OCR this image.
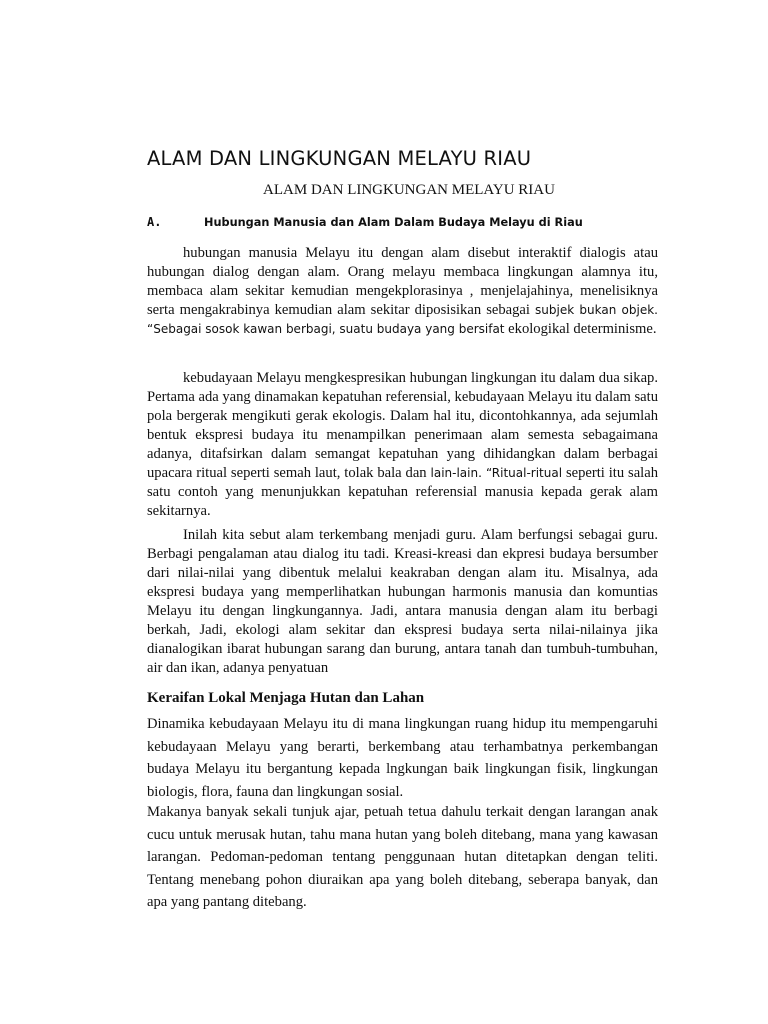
ALAM DAN LINGKUNGAN MELAYU RIAU
ALAM DAN LINGKUNGAN MELAYU RIAU
A.	Hubungan Manusia dan Alam Dalam Budaya Melayu di Riau
hubungan manusia Melayu itu dengan alam disebut interaktif dialogis atau hubungan dialog dengan alam. Orang melayu membaca lingkungan alamnya itu, membaca alam sekitar kemudian mengekplorasinya , menjelajahinya, menelisiknya serta mengakrabinya kemudian alam sekitar diposisikan sebagai subjek bukan objek. “Sebagai sosok kawan berbagi, suatu budaya yang bersifat ekologikal determinisme.
kebudayaan Melayu mengkespresikan hubungan lingkungan itu dalam dua sikap. Pertama ada yang dinamakan kepatuhan referensial, kebudayaan Melayu itu dalam satu pola bergerak mengikuti gerak ekologis. Dalam hal itu, dicontohkannya, ada sejumlah bentuk ekspresi budaya itu menampilkan penerimaan alam semesta sebagaimana adanya, ditafsirkan dalam semangat kepatuhan yang dihidangkan dalam berbagai upacara ritual seperti semah laut, tolak bala dan lain-lain. “Ritual-ritual seperti itu salah satu contoh yang menunjukkan kepatuhan referensial manusia kepada gerak alam sekitarnya.
Inilah kita sebut alam terkembang menjadi guru. Alam berfungsi sebagai guru. Berbagi pengalaman atau dialog itu tadi. Kreasi-kreasi dan ekpresi budaya bersumber dari nilai-nilai yang dibentuk melalui keakraban dengan alam itu. Misalnya, ada ekspresi budaya yang memperlihatkan hubungan harmonis manusia dan komuntias Melayu itu dengan lingkungannya. Jadi, antara manusia dengan alam itu berbagi berkah, Jadi, ekologi alam sekitar dan ekspresi budaya serta nilai-nilainya jika dianalogikan ibarat hubungan sarang dan burung, antara tanah dan tumbuh-tumbuhan, air dan ikan, adanya penyatuan
Keraifan Lokal Menjaga Hutan dan Lahan
Dinamika kebudayaan Melayu itu di mana lingkungan ruang hidup itu mempengaruhi kebudayaan Melayu yang berarti, berkembang atau terhambatnya perkembangan budaya Melayu itu bergantung kepada lngkungan baik lingkungan fisik, lingkungan biologis, flora, fauna dan lingkungan sosial.
Makanya banyak sekali tunjuk ajar, petuah tetua dahulu terkait dengan larangan anak cucu untuk merusak hutan, tahu mana hutan yang boleh ditebang, mana yang kawasan larangan. Pedoman-pedoman tentang penggunaan hutan ditetapkan dengan teliti. Tentang menebang pohon diuraikan apa yang boleh ditebang, seberapa banyak, dan apa yang pantang ditebang.
